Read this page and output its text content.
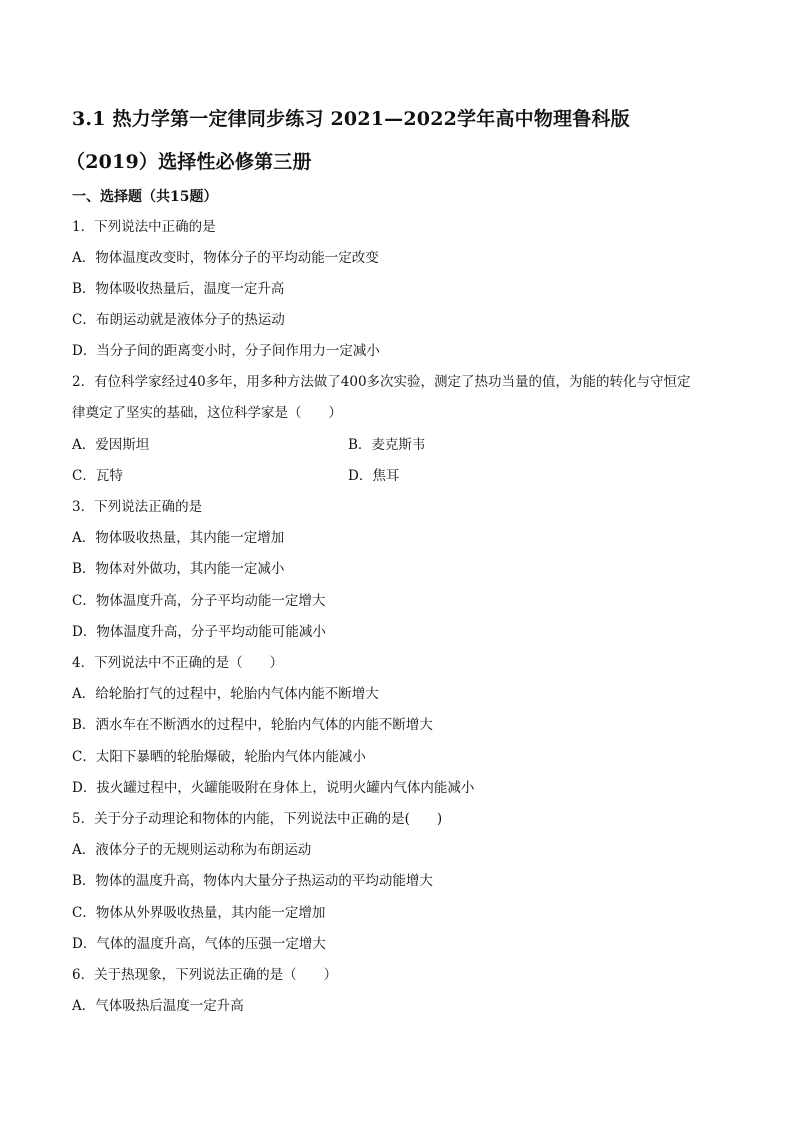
3.1 热力学第一定律同步练习 2021—2022学年高中物理鲁科版
（2019）选择性必修第三册
一、选择题（共15题）
1．下列说法中正确的是
A．物体温度改变时，物体分子的平均动能一定改变
B．物体吸收热量后，温度一定升高
C．布朗运动就是液体分子的热运动
D．当分子间的距离变小时，分子间作用力一定减小
2．有位科学家经过40多年，用多种方法做了400多次实验，测定了热功当量的值，为能的转化与守恒定
律奠定了坚实的基础，这位科学家是（　　）
A．爱因斯坦	B．麦克斯韦
C．瓦特	D．焦耳
3．下列说法正确的是
A．物体吸收热量，其内能一定增加
B．物体对外做功，其内能一定减小
C．物体温度升高，分子平均动能一定增大
D．物体温度升高，分子平均动能可能减小
4．下列说法中不正确的是（　　）
A．给轮胎打气的过程中，轮胎内气体内能不断增大
B．洒水车在不断洒水的过程中，轮胎内气体的内能不断增大
C．太阳下暴晒的轮胎爆破，轮胎内气体内能减小
D．拔火罐过程中，火罐能吸附在身体上，说明火罐内气体内能减小
5．关于分子动理论和物体的内能，下列说法中正确的是(　　)
A．液体分子的无规则运动称为布朗运动
B．物体的温度升高，物体内大量分子热运动的平均动能增大
C．物体从外界吸收热量，其内能一定增加
D．气体的温度升高，气体的压强一定增大
6．关于热现象，下列说法正确的是（　　）
A．气体吸热后温度一定升高
